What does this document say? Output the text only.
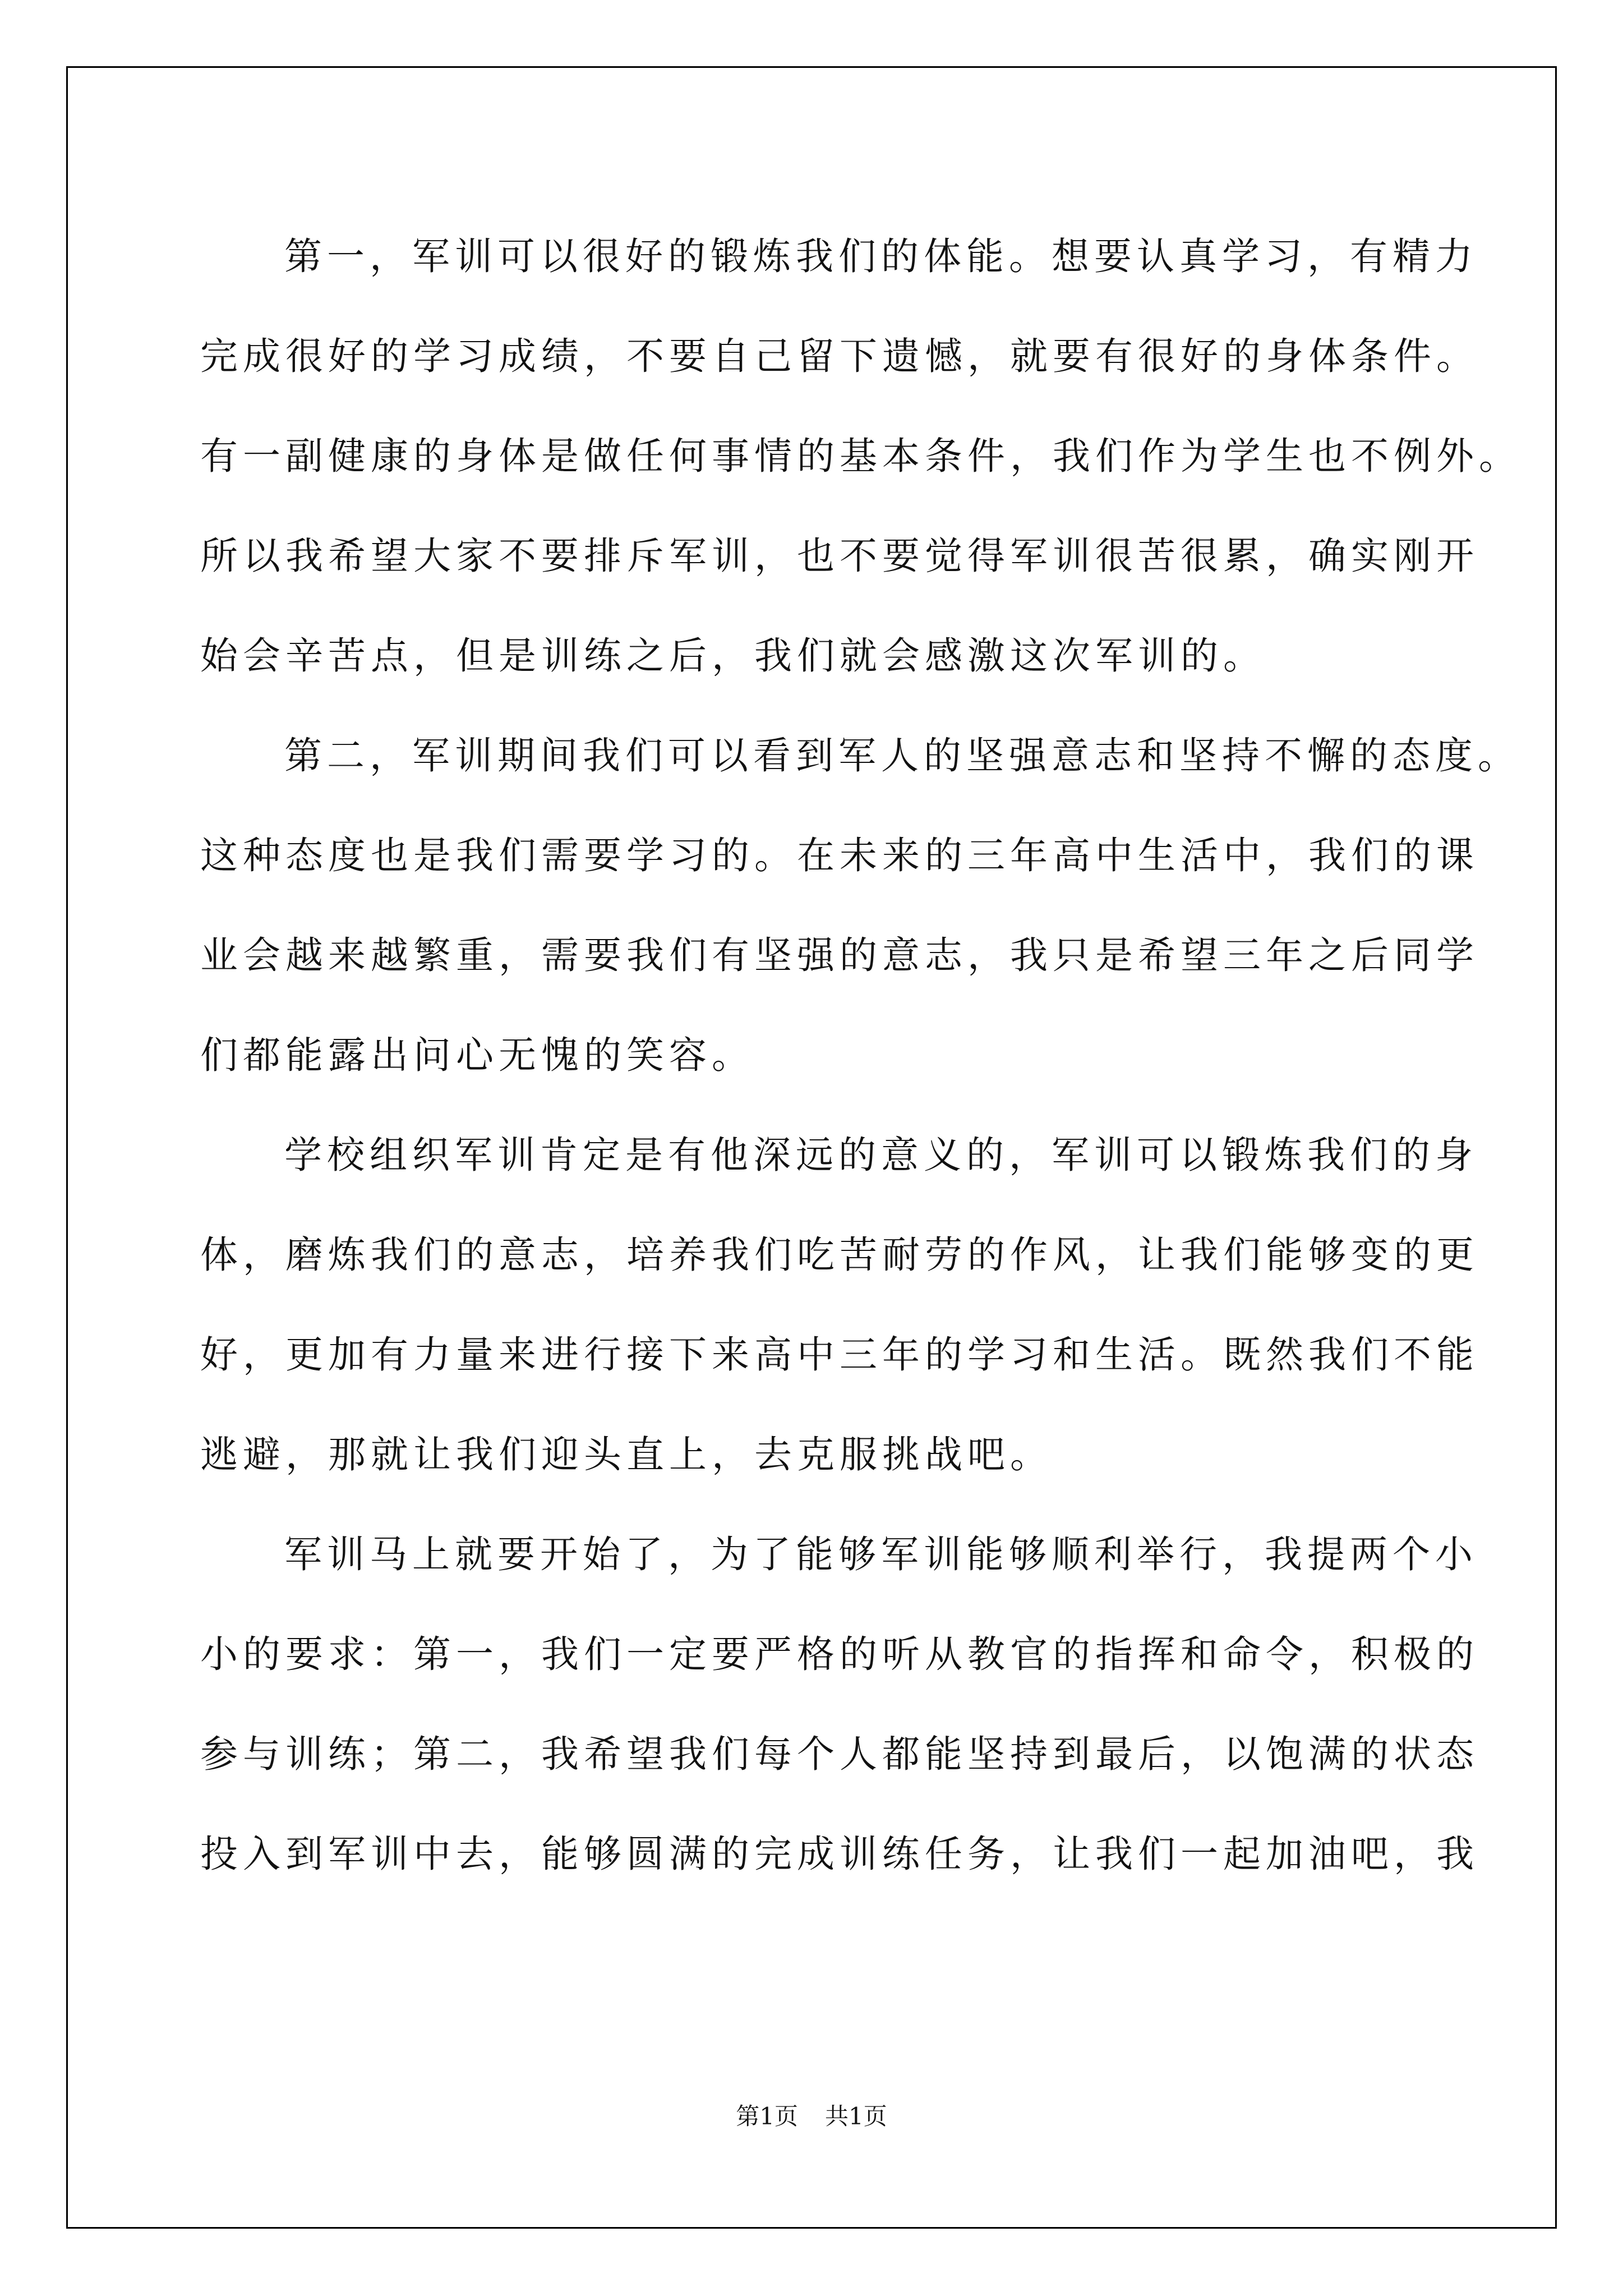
第一，军训可以很好的锻炼我们的体能。想要认真学习，有精力
完成很好的学习成绩，不要自己留下遗憾，就要有很好的身体条件。
有一副健康的身体是做任何事情的基本条件，我们作为学生也不例外。
所以我希望大家不要排斥军训，也不要觉得军训很苦很累，确实刚开
始会辛苦点，但是训练之后，我们就会感激这次军训的。
第二，军训期间我们可以看到军人的坚强意志和坚持不懈的态度。
这种态度也是我们需要学习的。在未来的三年高中生活中，我们的课
业会越来越繁重，需要我们有坚强的意志，我只是希望三年之后同学
们都能露出问心无愧的笑容。
学校组织军训肯定是有他深远的意义的，军训可以锻炼我们的身
体，磨炼我们的意志，培养我们吃苦耐劳的作风，让我们能够变的更
好，更加有力量来进行接下来高中三年的学习和生活。既然我们不能
逃避，那就让我们迎头直上，去克服挑战吧。
军训马上就要开始了，为了能够军训能够顺利举行，我提两个小
小的要求：第一，我们一定要严格的听从教官的指挥和命令，积极的
参与训练；第二，我希望我们每个人都能坚持到最后，以饱满的状态
投入到军训中去，能够圆满的完成训练任务，让我们一起加油吧，我
第1页 共1页
